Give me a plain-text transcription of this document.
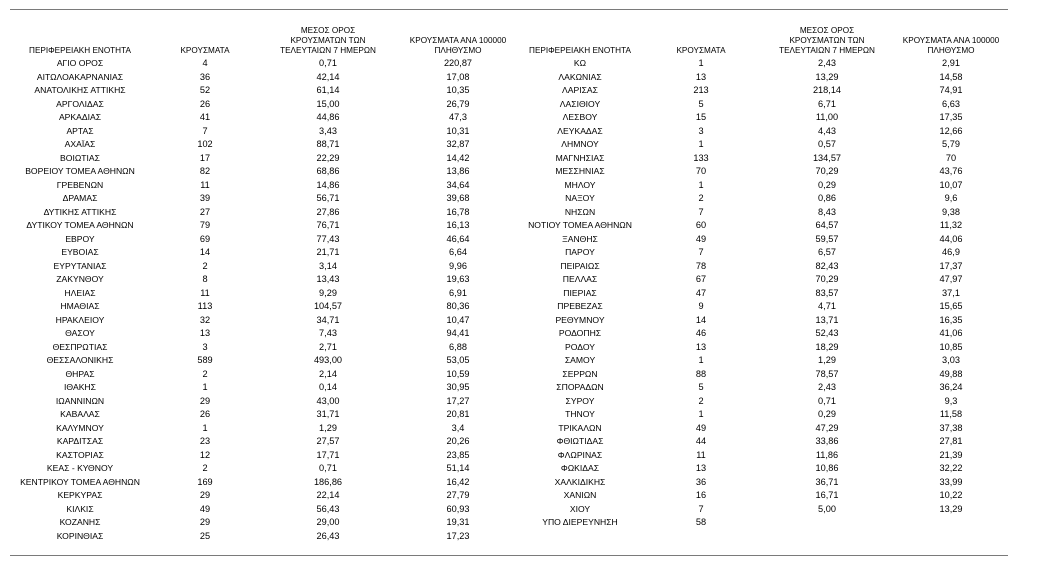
ΠΕΡΙΦΕΡΕΙΑΚΗ ΕΝΟΤΗΤΑ	ΚΡΟΥΣΜΑΤΑ	ΜΕΣΟΣ ΟΡΟΣ
ΚΡΟΥΣΜΑΤΩΝ ΤΩΝ
ΤΕΛΕΥΤΑΙΩΝ 7 ΗΜΕΡΩΝ	ΚΡΟΥΣΜΑΤΑ ΑΝΑ 100000
ΠΛΗΘΥΣΜΟ

ΑΓΙΟ ΟΡΟΣ	4	0,71	220,87
ΑΙΤΩΛΟΑΚΑΡΝΑΝΙΑΣ	36	42,14	17,08
ΑΝΑΤΟΛΙΚΗΣ ΑΤΤΙΚΗΣ	52	61,14	10,35
ΑΡΓΟΛΙΔΑΣ	26	15,00	26,79
ΑΡΚΑΔΙΑΣ	41	44,86	47,3
ΑΡΤΑΣ	7	3,43	10,31
ΑΧΑΪΑΣ	102	88,71	32,87
ΒΟΙΩΤΙΑΣ	17	22,29	14,42
ΒΟΡΕΙΟΥ ΤΟΜΕΑ ΑΘΗΝΩΝ	82	68,86	13,86
ΓΡΕΒΕΝΩΝ	11	14,86	34,64
ΔΡΑΜΑΣ	39	56,71	39,68
ΔΥΤΙΚΗΣ ΑΤΤΙΚΗΣ	27	27,86	16,78
ΔΥΤΙΚΟΥ ΤΟΜΕΑ ΑΘΗΝΩΝ	79	76,71	16,13
ΕΒΡΟΥ	69	77,43	46,64
ΕΥΒΟΙΑΣ	14	21,71	6,64
ΕΥΡΥΤΑΝΙΑΣ	2	3,14	9,96
ΖΑΚΥΝΘΟΥ	8	13,43	19,63
ΗΛΕΙΑΣ	11	9,29	6,91
ΗΜΑΘΙΑΣ	113	104,57	80,36
ΗΡΑΚΛΕΙΟΥ	32	34,71	10,47
ΘΑΣΟΥ	13	7,43	94,41
ΘΕΣΠΡΩΤΙΑΣ	3	2,71	6,88
ΘΕΣΣΑΛΟΝΙΚΗΣ	589	493,00	53,05
ΘΗΡΑΣ	2	2,14	10,59
ΙΘΑΚΗΣ	1	0,14	30,95
ΙΩΑΝΝΙΝΩΝ	29	43,00	17,27
ΚΑΒΑΛΑΣ	26	31,71	20,81
ΚΑΛΥΜΝΟΥ	1	1,29	3,4
ΚΑΡΔΙΤΣΑΣ	23	27,57	20,26
ΚΑΣΤΟΡΙΑΣ	12	17,71	23,85
ΚΕΑΣ - ΚΥΘΝΟΥ	2	0,71	51,14
ΚΕΝΤΡΙΚΟΥ ΤΟΜΕΑ ΑΘΗΝΩΝ	169	186,86	16,42
ΚΕΡΚΥΡΑΣ	29	22,14	27,79
ΚΙΛΚΙΣ	49	56,43	60,93
ΚΟΖΑΝΗΣ	29	29,00	19,31
ΚΟΡΙΝΘΙΑΣ	25	26,43	17,23
ΠΕΡΙΦΕΡΕΙΑΚΗ ΕΝΟΤΗΤΑ	ΚΡΟΥΣΜΑΤΑ	ΜΕΣΟΣ ΟΡΟΣ
ΚΡΟΥΣΜΑΤΩΝ ΤΩΝ
ΤΕΛΕΥΤΑΙΩΝ 7 ΗΜΕΡΩΝ	ΚΡΟΥΣΜΑΤΑ ΑΝΑ 100000
ΠΛΗΘΥΣΜΟ

ΚΩ	1	2,43	2,91
ΛΑΚΩΝΙΑΣ	13	13,29	14,58
ΛΑΡΙΣΑΣ	213	218,14	74,91
ΛΑΣΙΘΙΟΥ	5	6,71	6,63
ΛΕΣΒΟΥ	15	11,00	17,35
ΛΕΥΚΑΔΑΣ	3	4,43	12,66
ΛΗΜΝΟΥ	1	0,57	5,79
ΜΑΓΝΗΣΙΑΣ	133	134,57	70
ΜΕΣΣΗΝΙΑΣ	70	70,29	43,76
ΜΗΛΟΥ	1	0,29	10,07
ΝΑΞΟΥ	2	0,86	9,6
ΝΗΣΩΝ	7	8,43	9,38
ΝΟΤΙΟΥ ΤΟΜΕΑ ΑΘΗΝΩΝ	60	64,57	11,32
ΞΑΝΘΗΣ	49	59,57	44,06
ΠΑΡΟΥ	7	6,57	46,9
ΠΕΙΡΑΙΩΣ	78	82,43	17,37
ΠΕΛΛΑΣ	67	70,29	47,97
ΠΙΕΡΙΑΣ	47	83,57	37,1
ΠΡΕΒΕΖΑΣ	9	4,71	15,65
ΡΕΘΥΜΝΟΥ	14	13,71	16,35
ΡΟΔΟΠΗΣ	46	52,43	41,06
ΡΟΔΟΥ	13	18,29	10,85
ΣΑΜΟΥ	1	1,29	3,03
ΣΕΡΡΩΝ	88	78,57	49,88
ΣΠΟΡΑΔΩΝ	5	2,43	36,24
ΣΥΡΟΥ	2	0,71	9,3
ΤΗΝΟΥ	1	0,29	11,58
ΤΡΙΚΑΛΩΝ	49	47,29	37,38
ΦΘΙΩΤΙΔΑΣ	44	33,86	27,81
ΦΛΩΡΙΝΑΣ	11	11,86	21,39
ΦΩΚΙΔΑΣ	13	10,86	32,22
ΧΑΛΚΙΔΙΚΗΣ	36	36,71	33,99
ΧΑΝΙΩΝ	16	16,71	10,22
ΧΙΟΥ	7	5,00	13,29
ΥΠΟ ΔΙΕΡΕΥΝΗΣΗ	58		
